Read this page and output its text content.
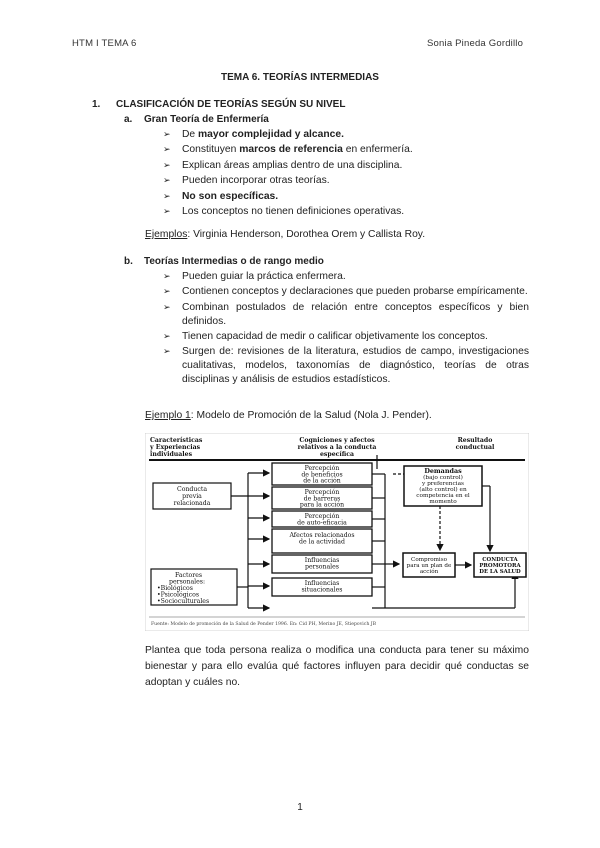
HTM I TEMA 6	Sonia Pineda Gordillo
TEMA 6. TEORÍAS INTERMEDIAS
1. CLASIFICACIÓN DE TEORÍAS SEGÚN SU NIVEL
a. Gran Teoría de Enfermería
➢ De mayor complejidad y alcance.
➢ Constituyen marcos de referencia en enfermería.
➢ Explican áreas amplias dentro de una disciplina.
➢ Pueden incorporar otras teorías.
➢ No son específicas.
➢ Los conceptos no tienen definiciones operativas.
Ejemplos: Virginia Henderson, Dorothea Orem y Callista Roy.
b. Teorías Intermedias o de rango medio
➢ Pueden guiar la práctica enfermera.
➢ Contienen conceptos y declaraciones que pueden probarse empíricamente.
➢ Combinan postulados de relación entre conceptos específicos y bien definidos.
➢ Tienen capacidad de medir o calificar objetivamente los conceptos.
➢ Surgen de: revisiones de la literatura, estudios de campo, investigaciones cualitativas, modelos, taxonomías de diagnóstico, teorías de otras disciplinas y análisis de estudios estadísticos.
Ejemplo 1: Modelo de Promoción de la Salud (Nola J. Pender).
Características y Experiencias individuales
Cogniciones y afectos relativos a la conducta específica
Resultado conductual
Conducta previa relacionada
Factores personales: •Biológicos •Psicológicos •Socioculturales
Percepción de beneficios de la acción
Percepción de barreras para la acción
Percepción de auto-eficacia
Afectos relacionados de la actividad
Influencias personales
Influencias situacionales
Demandas (bajo control) y preferencias (alto control) en competencia en el momento
Compromiso para un plan de acción
CONDUCTA PROMOTORA DE LA SALUD
Fuente: Modelo de promoción de la Salud de Pender 1996. En: Cid PH, Merino JE, Stiepovich JB
Plantea que toda persona realiza o modifica una conducta para tener su máximo bienestar y para ello evalúa qué factores influyen para decidir qué conductas se adoptan y cuáles no.
1
